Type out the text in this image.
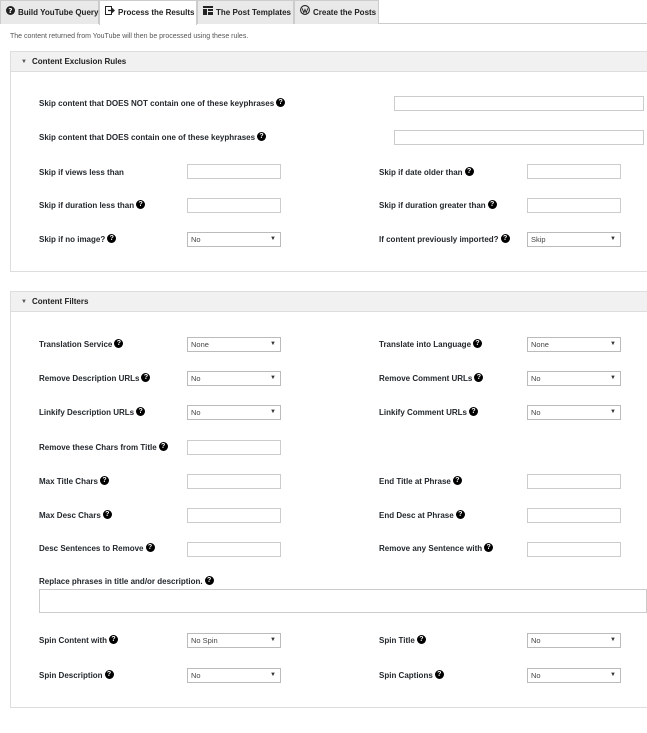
? Build YouTube Query	Process the Results	The Post Templates	Create the Posts
The content returned from YouTube will then be processed using these rules.
▼ Content Exclusion Rules
Skip content that DOES NOT contain one of these keyphrases ?
Skip content that DOES contain one of these keyphrases ?
Skip if views less than	Skip if date older than ?
Skip if duration less than ?	Skip if duration greater than ?
Skip if no image? ?	No	▼	If content previously imported? ?	Skip	▼
▼ Content Filters
Translation Service ?	None	▼	Translate into Language ?	None	▼
Remove Description URLs ?	No	▼	Remove Comment URLs ?	No	▼
Linkify Description URLs ?	No	▼	Linkify Comment URLs ?	No	▼
Remove these Chars from Title ?
Max Title Chars ?	End Title at Phrase ?
Max Desc Chars ?	End Desc at Phrase ?
Desc Sentences to Remove ?	Remove any Sentence with ?
Replace phrases in title and/or description. ?
Spin Content with ?	No Spin	▼	Spin Title ?	No	▼
Spin Description ?	No	▼	Spin Captions ?	No	▼
